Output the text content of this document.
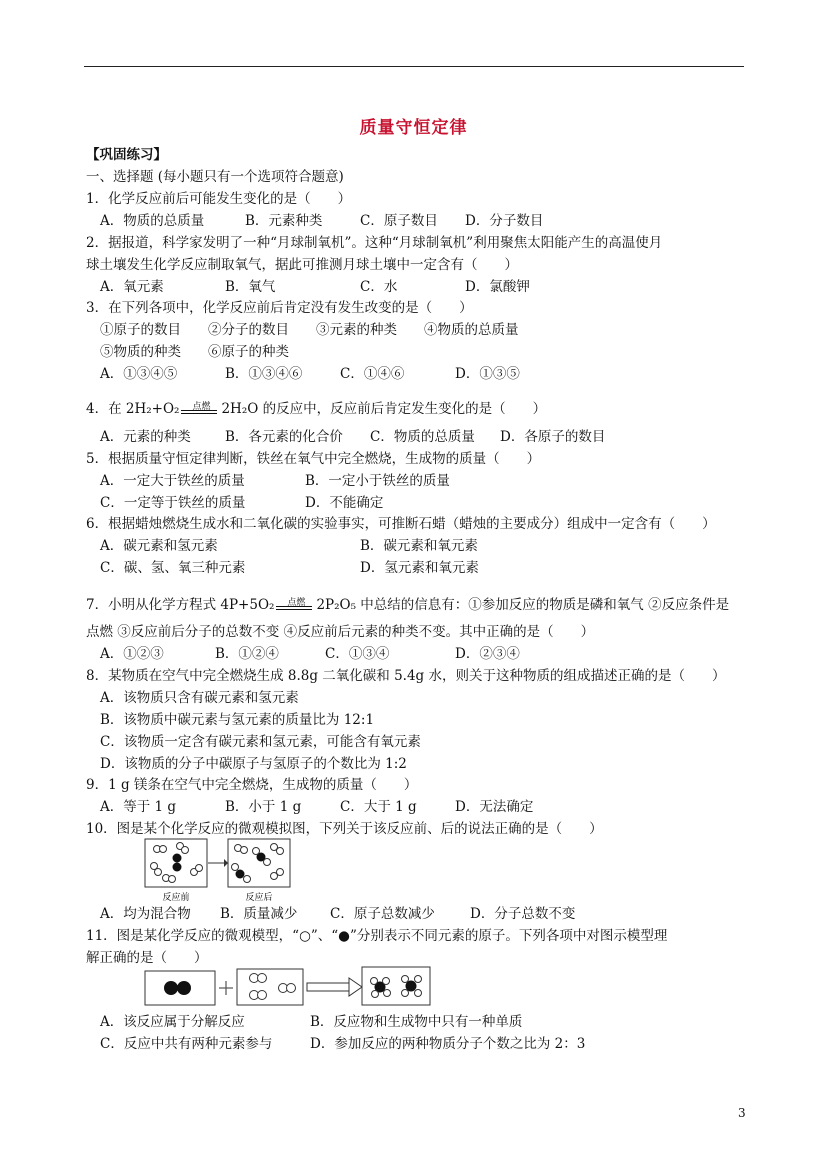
质量守恒定律
【巩固练习】
一、选择题 (每小题只有一个选项符合题意)
1．化学反应前后可能发生变化的是（　　）
A．物质的总质量	B．元素种类	C．原子数目 D．分子数目
2．据报道，科学家发明了一种“月球制氧机”。这种“月球制氧机”利用聚焦太阳能产生的高温使月
球土壤发生化学反应制取氧气，据此可推测月球土壤中一定含有（　　）
A．氧元素	B．氧气	C．水	D．氯酸钾
3．在下列各项中，化学反应前后肯定没有发生改变的是（　　）
①原子的数目　　②分子的数目　　③元素的种类　　④物质的总质量
⑤物质的种类　　⑥原子的种类
A．①③④⑤	B．①③④⑥	C．①④⑥	D．①③⑤
4．在 2H₂+O₂	点燃 2H₂O 的反应中，反应前后肯定发生变化的是（　　）
A．元素的种类	B．各元素的化合价 C．物质的总质量 D．各原子的数目
5．根据质量守恒定律判断，铁丝在氧气中完全燃烧，生成物的质量（　　）
A．一定大于铁丝的质量	B．一定小于铁丝的质量
C．一定等于铁丝的质量	D．不能确定
6．根据蜡烛燃烧生成水和二氧化碳的实验事实，可推断石蜡（蜡烛的主要成分）组成中一定含有（　　）
A．碳元素和氢元素	B．碳元素和氧元素
C．碳、氢、氧三种元素	D．氢元素和氧元素
7．小明从化学方程式 4P+5O₂	点燃 2P₂O₅ 中总结的信息有：①参加反应的物质是磷和氧气 ②反应条件是
点燃 ③反应前后分子的总数不变 ④反应前后元素的种类不变。其中正确的是（　　）
A．①②③	B．①②④	C．①③④	D．②③④
8．某物质在空气中完全燃烧生成 8.8g 二氧化碳和 5.4g 水，则关于这种物质的组成描述正确的是（　　）
A．该物质只含有碳元素和氢元素
B．该物质中碳元素与氢元素的质量比为 12:1
C．该物质一定含有碳元素和氢元素，可能含有氧元素
D．该物质的分子中碳原子与氢原子的个数比为 1:2
9．1 g 镁条在空气中完全燃烧，生成物的质量（　　）
A．等于 1 g	B．小于 1 g	C．大于 1 g	D．无法确定
10．图是某个化学反应的微观模拟图，下列关于该反应前、后的说法正确的是（　　）
反应前	反应后
A．均为混合物 B．质量减少 C．原子总数减少	D．分子总数不变
11．图是某化学反应的微观模型，“○”、“●”分别表示不同元素的原子。下列各项中对图示模型理
解正确的是（　　）
A．该反应属于分解反应	B．反应物和生成物中只有一种单质
C．反应中共有两种元素参与	D．参加反应的两种物质分子个数之比为 2：3
3
